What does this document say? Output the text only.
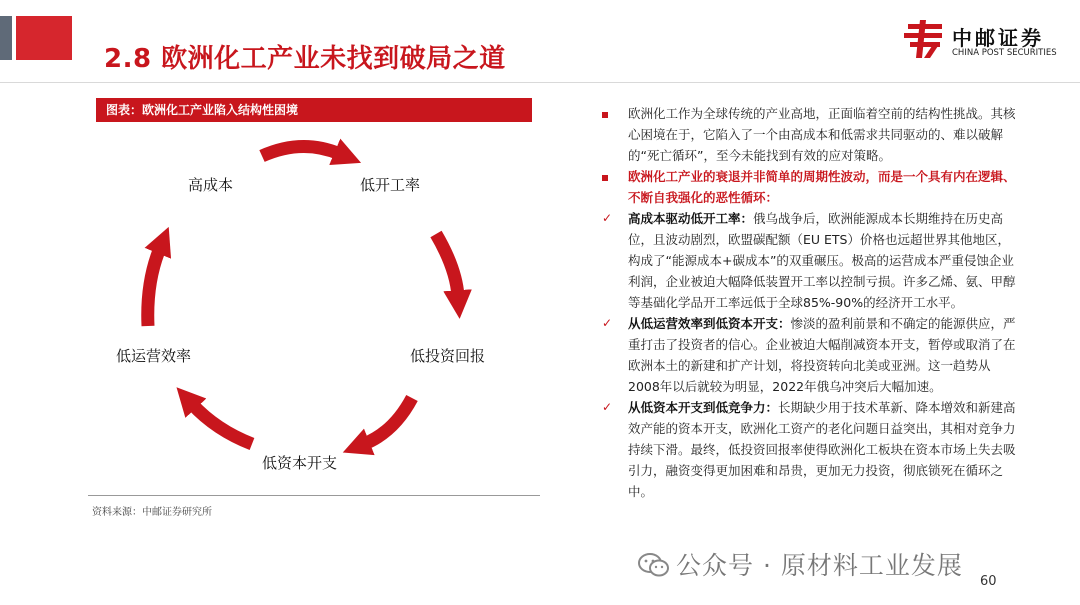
2.8 欧洲化工产业未找到破局之道
中邮证券
CHINA POST SECURITIES
图表：欧洲化工产业陷入结构性困境
高成本	低开工率
低投资回报
低资本开支
低运营效率
资料来源：中邮证券研究所
欧洲化工作为全球传统的产业高地，正面临着空前的结构性挑战。其核心困境在于，它陷入了一个由高成本和低需求共同驱动的、难以破解的“死亡循环”，至今未能找到有效的应对策略。
欧洲化工产业的衰退并非简单的周期性波动，而是一个具有内在逻辑、不断自我强化的恶性循环：
✓	高成本驱动低开工率：俄乌战争后，欧洲能源成本长期维持在历史高位，且波动剧烈，欧盟碳配额（EU ETS）价格也远超世界其他地区，构成了“能源成本+碳成本”的双重碾压。极高的运营成本严重侵蚀企业利润，企业被迫大幅降低装置开工率以控制亏损。许多乙烯、氨、甲醇等基础化学品开工率远低于全球85%-90%的经济开工水平。
✓	从低运营效率到低资本开支：惨淡的盈利前景和不确定的能源供应，严重打击了投资者的信心。企业被迫大幅削减资本开支，暂停或取消了在欧洲本土的新建和扩产计划，将投资转向北美或亚洲。这一趋势从2008年以后就较为明显，2022年俄乌冲突后大幅加速。
✓	从低资本开支到低竞争力：长期缺少用于技术革新、降本增效和新建高效产能的资本开支，欧洲化工资产的老化问题日益突出，其相对竞争力持续下滑。最终，低投资回报率使得欧洲化工板块在资本市场上失去吸引力，融资变得更加困难和昂贵，更加无力投资，彻底锁死在循环之中。
公众号 · 原材料工业发展
60
